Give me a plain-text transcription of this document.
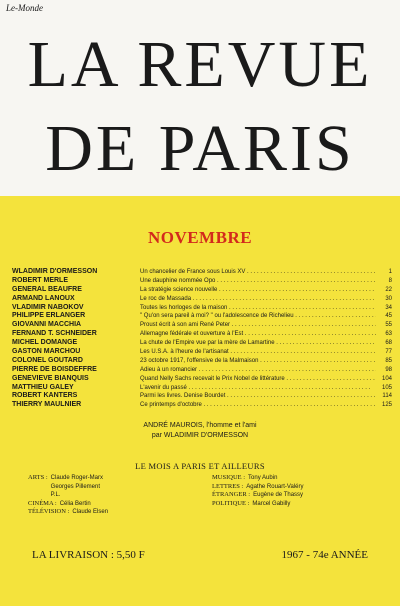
Le-Monde
LA REVUE
DE PARIS
NOVEMBRE
WLADIMIR D'ORMESSON	Un chancelier de France sous Louis XV . . .	1
ROBERT MERLE	Une dauphine nommée Opo . . .	8
GÉNÉRAL BEAUFRE	La stratégie science nouvelle . . .	22
ARMAND LANOUX	Le roc de Massada . . .	30
VLADIMIR NABOKOV	Toutes les horloges de la maison . . .	34
PHILIPPE ERLANGER	" Qu'on sera pareil à moi? " ou l'adolescence de Richelieu . . .	45
GIOVANNI MACCHIA	Proust écrit à son ami René Peter . . .	55
FERNAND T. SCHNEIDER	Allemagne fédérale et ouverture à l'Est . . .	63
MICHEL DOMANGE	La chute de l'Empire vue par la mère de Lamartine . . .	68
GASTON MARCHOU	Les U.S.A. à l'heure de l'artisanat . . .	77
COLONEL GOUTARD	23 octobre 1917, l'offensive de la Malmaison . . .	85
PIERRE DE BOISDEFFRE	Adieu à un romancier . . .	98
GENEVIÈVE BIANQUIS	Quand Nelly Sachs recevait le Prix Nobel de littérature . . .	104
MATTHIEU GALEY	L'avenir du passé . . .	105
ROBERT KANTERS	Parmi les livres. Denise Bourdet . . .	114
THIERRY MAULNIER	Ce printemps d'octobre . . .	125
ANDRÉ MAUROIS, l'homme et l'ami
par WLADIMIR D'ORMESSON
LE MOIS A PARIS ET AILLEURS
ARTS : Claude Roger-Marx
Georges Pillement
P.L.
CINÉMA : Célia Bertin
TÉLÉVISION : Claude Elsen
MUSIQUE : Tony Aubin
LETTRES : Agathe Rouart-Valéry
ÉTRANGER : Eugène de Thassy
POLITIQUE : Marcel Gabilly
LA LIVRAISON : 5,50 F	1967 - 74e ANNÉE
